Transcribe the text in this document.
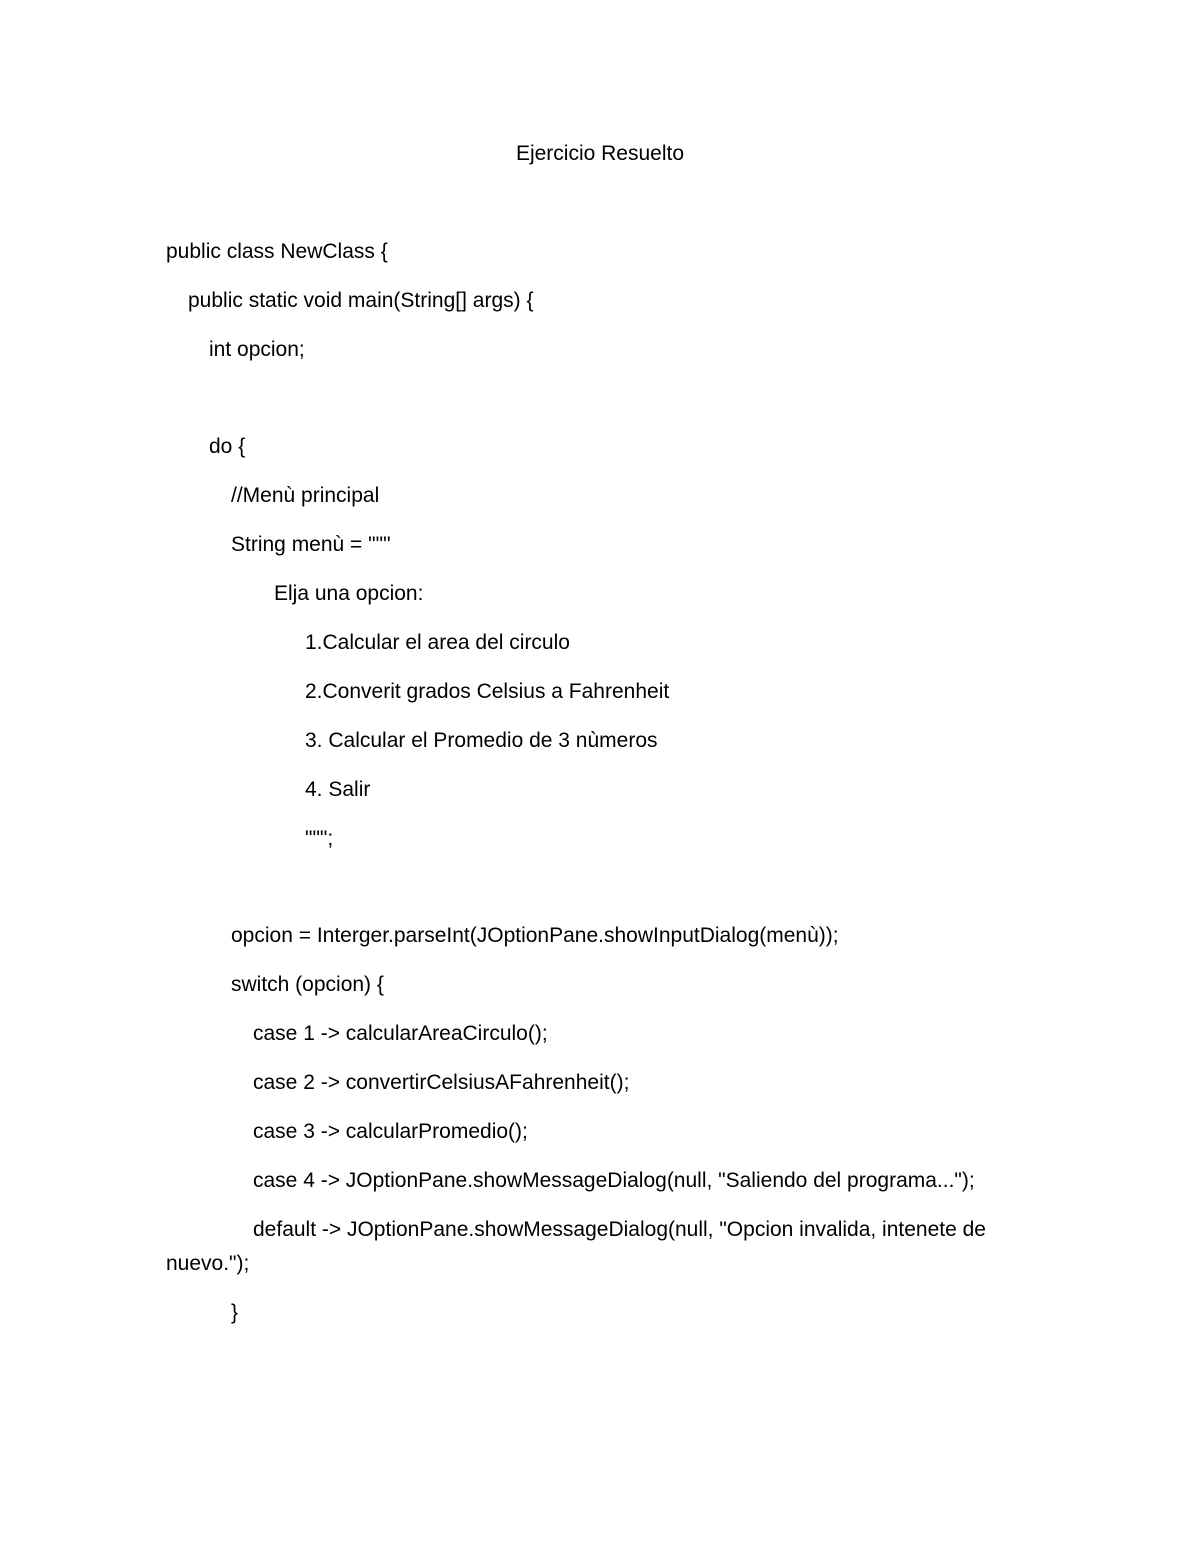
Ejercicio Resuelto
public class NewClass {
public static void main(String[] args) {
int opcion;
do {
//Menù principal
String menù = """
Elja una opcion:
1.Calcular el area del circulo
2.Converit grados Celsius a Fahrenheit
3. Calcular el Promedio de 3 nùmeros
4. Salir
""";
opcion = Interger.parseInt(JOptionPane.showInputDialog(menù));
switch (opcion) {
case 1 -> calcularAreaCirculo();
case 2 -> convertirCelsiusAFahrenheit();
case 3 -> calcularPromedio();
case 4 -> JOptionPane.showMessageDialog(null, "Saliendo del programa...");
default -> JOptionPane.showMessageDialog(null, "Opcion invalida, intenete de nuevo.");
}
